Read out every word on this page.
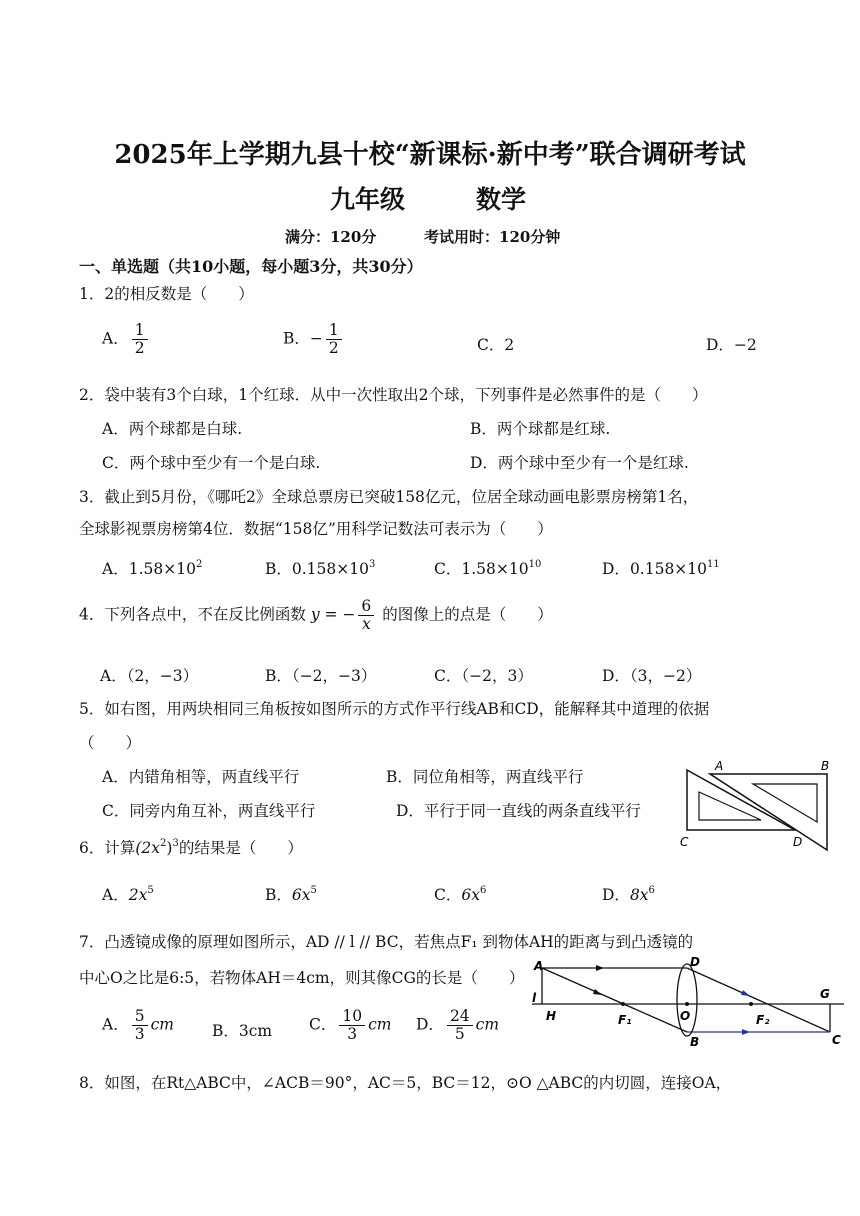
2025年上学期九县十校“新课标·新中考”联合调研考试
九年级	数学
满分：120分	考试用时：120分钟
一、单选题（共10小题，每小题3分，共30分）
1．2的相反数是（　　）
A． $\frac{1}{2}$	B．− $\frac{1}{2}$	C．2	D．−2
2．袋中装有3个白球，1个红球．从中一次性取出2个球，下列事件是必然事件的是（　　）
A．两个球都是白球.	B．两个球都是红球.
C．两个球中至少有一个是白球.	D．两个球中至少有一个是红球.
3．截止到5月份，《哪吒2》全球总票房已突破158亿元，位居全球动画电影票房榜第1名，
全球影视票房榜第4位．数据“158亿”用科学记数法可表示为（　　）
A．$1.58\times 10^2$	B．$0.158\times 10^3$	C．$1.58\times 10^{10}$	D．$0.158\times 10^{11}$
4．下列各点中，不在反比例函数 y = − $\frac{6}{x}$ 的图像上的点是（　　）
A．（2，−3）	B．（−2，−3）	C．（−2，3）	D．（3，−2）
5．如右图，用两块相同三角板按如图所示的方式作平行线AB和CD，能解释其中道理的依据
（　　）
A．内错角相等，两直线平行	B．同位角相等，两直线平行
C．同旁内角互补，两直线平行	D．平行于同一直线的两条直线平行
A	B
C	D
6．计算$(2x^2)^3$的结果是（　　）
A．$2x^5$	B．$6x^5$	C．$6x^6$	D．$8x^6$
7．凸透镜成像的原理如图所示，AD // l // BC，若焦点F₁ 到物体AH的距离与到凸透镜的
中心O之比是6:5，若物体AH＝4cm，则其像CG的长是（　　）
A． $\frac{5}{3}$ cm B．3cm C． $\frac{10}{3}$ cm D． $\frac{24}{5}$ cm
A	D
l
H	F₁	O	F₂
G
B	C
8．如图，在Rt△ABC中，∠ACB＝90°，AC＝5，BC＝12，⊙O △ABC的内切圆，连接OA，
